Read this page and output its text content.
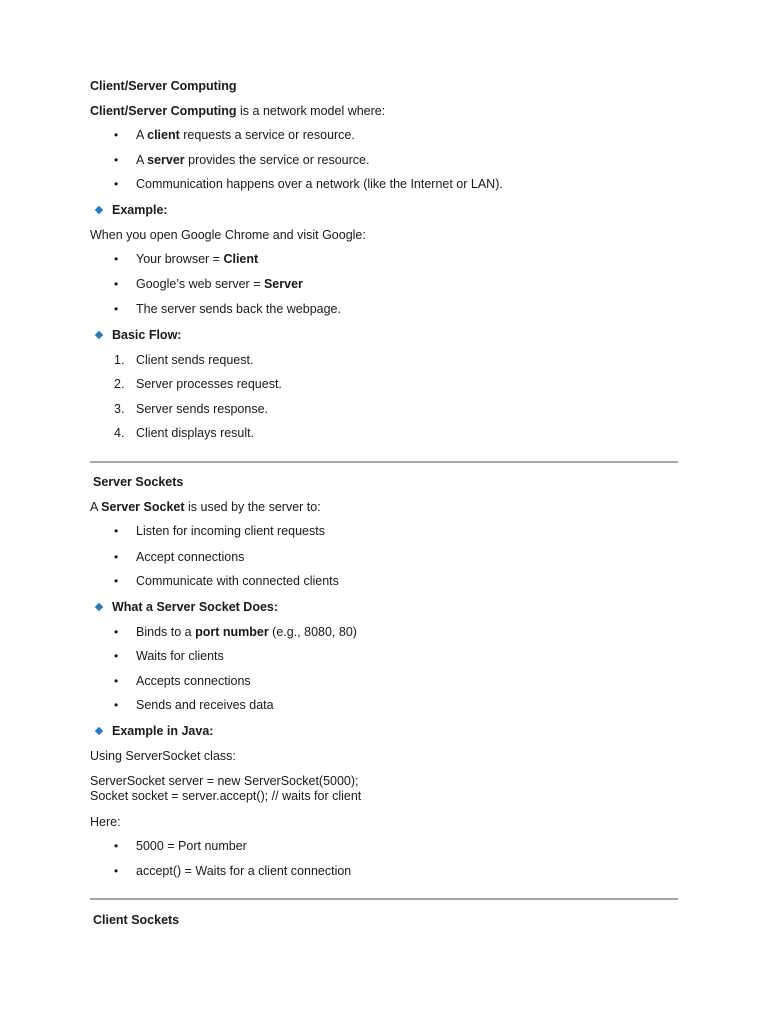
Client/Server Computing
Client/Server Computing is a network model where:
• A client requests a service or resource.
• A server provides the service or resource.
• Communication happens over a network (like the Internet or LAN).
Example:
When you open Google Chrome and visit Google:
• Your browser = Client
• Google’s web server = Server
• The server sends back the webpage.
Basic Flow:
1. Client sends request.
2. Server processes request.
3. Server sends response.
4. Client displays result.
Server Sockets
A Server Socket is used by the server to:
• Listen for incoming client requests
• Accept connections
• Communicate with connected clients
What a Server Socket Does:
• Binds to a port number (e.g., 8080, 80)
• Waits for clients
• Accepts connections
• Sends and receives data
Example in Java:
Using ServerSocket class:
ServerSocket server = new ServerSocket(5000);
Socket socket = server.accept(); // waits for client
Here:
• 5000 = Port number
• accept() = Waits for a client connection
Client Sockets
